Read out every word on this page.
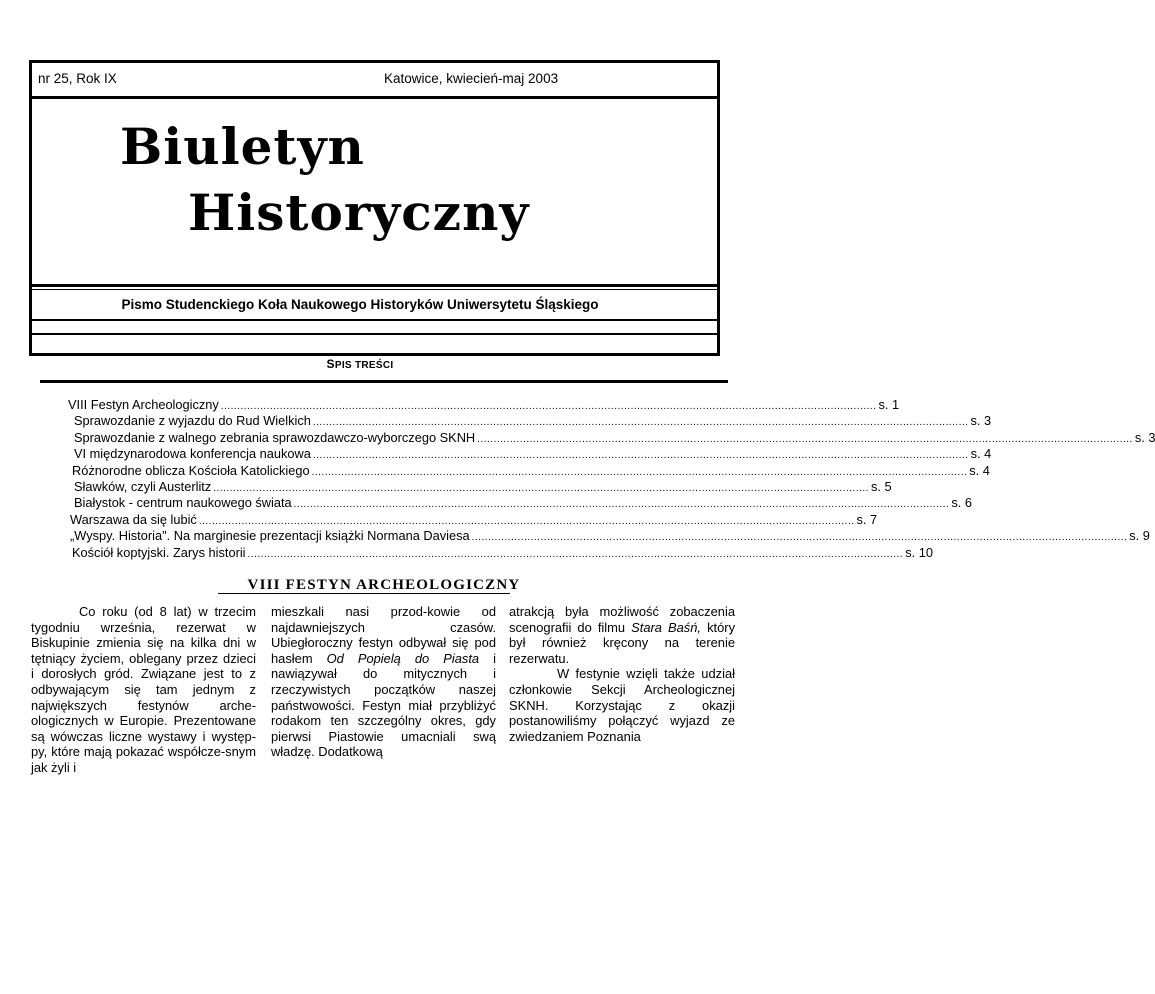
nr 25, Rok IX	Katowice, kwiecień-maj 2003
Biuletyn
Historyczny
Pismo Studenckiego Koła Naukowego Historyków Uniwersytetu Śląskiego
SPIS TREŚCI
VIII Festyn Archeologiczny ........................................................................................................................................................................................................ s. 1
Sprawozdanie z wyjazdu do Rud Wielkich ........................................................................................................................................................................................................ s. 3
Sprawozdanie z walnego zebrania sprawozdawczo-wyborczego SKNH ........................................................................................................................................................................................................ s. 3
VI międzynarodowa konferencja naukowa ........................................................................................................................................................................................................ s. 4
Różnorodne oblicza Kościoła Katolickiego ........................................................................................................................................................................................................ s. 4
Sławków, czyli Austerlitz ........................................................................................................................................................................................................ s. 5
Białystok - centrum naukowego świata ........................................................................................................................................................................................................ s. 6
Warszawa da się lubić ........................................................................................................................................................................................................ s. 7
„Wyspy. Historia". Na marginesie prezentacji książki Normana Daviesa ........................................................................................................................................................................................................ s. 9
Kościół koptyjski. Zarys historii ........................................................................................................................................................................................................ s. 10
VIII FESTYN ARCHEOLOGICZNY

Co roku (od 8 lat) w trzecim tygodniu września, rezerwat w Biskupinie zmienia się na kilka dni w tętniący życiem, oblegany przez dzieci i dorosłych gród. Związane jest to z odbywającym się tam jednym z największych festynów arche-ologicznych w Europie. Prezentowane są wówczas liczne wystawy i występ-py, które mają pokazać współcze-snym jak żyli i

mieszkali nasi przod-kowie od najdawniejszych czasów. Ubiegłoroczny festyn odbywał się pod hasłem Od Popielą do Piasta i nawiązywał do mitycznych i rzeczywistych początków naszej państwowości. Festyn miał przybliżyć rodakom ten szczególny okres, gdy pierwsi Piastowie umacniali swą władzę. Dodatkową

atrakcją była możliwość zobaczenia scenografii do filmu Stara Baśń, który był również kręcony na terenie rezerwatu.

W festynie wzięli także udział członkowie Sekcji Archeologicznej SKNH. Korzystając z okazji postanowiliśmy połączyć wyjazd ze zwiedzaniem Poznania
